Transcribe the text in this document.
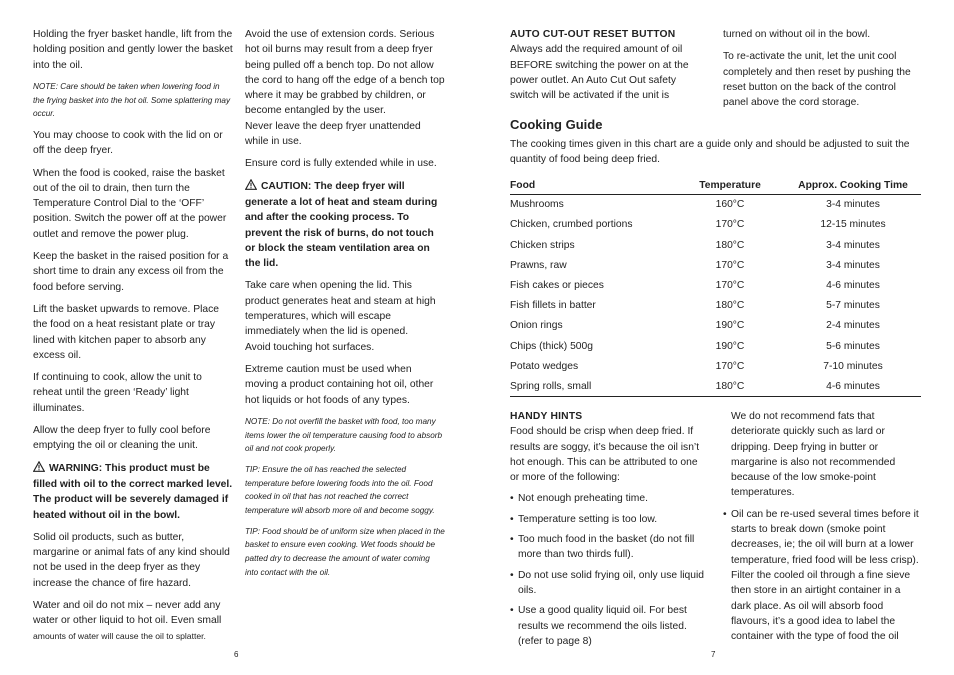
Holding the fryer basket handle, lift from the holding position and gently lower the basket into the oil.

NOTE: Care should be taken when lowering food in the frying basket into the hot oil. Some splattering may occur.

You may choose to cook with the lid on or off the deep fryer.

When the food is cooked, raise the basket out of the oil to drain, then turn the Temperature Control Dial to the ‘OFF’ position. Switch the power off at the power outlet and remove the power plug.

Keep the basket in the raised position for a short time to drain any excess oil from the food before serving.

Lift the basket upwards to remove. Place the food on a heat resistant plate or tray lined with kitchen paper to absorb any excess oil.

If continuing to cook, allow the unit to reheat until the green ‘Ready’ light illuminates.

Allow the deep fryer to fully cool before emptying the oil or cleaning the unit.

WARNING: This product must be filled with oil to the correct marked level. The product will be severely damaged if heated without oil in the bowl.

Solid oil products, such as butter, margarine or animal fats of any kind should not be used in the deep fryer as they increase the chance of fire hazard.

Water and oil do not mix – never add any water or other liquid to hot oil. Even small amounts of water will cause the oil to splatter.

Avoid the use of extension cords. Serious hot oil burns may result from a deep fryer being pulled off a bench top. Do not allow the cord to hang off the edge of a bench top where it may be grabbed by children, or become entangled by the user.

Never leave the deep fryer unattended while in use.

Ensure cord is fully extended while in use.

CAUTION: The deep fryer will generate a lot of heat and steam during and after the cooking process. To prevent the risk of burns, do not touch or block the steam ventilation area on the lid.

Take care when opening the lid. This product generates heat and steam at high temperatures, which will escape immediately when the lid is opened.

Avoid touching hot surfaces.

Extreme caution must be used when moving a product containing hot oil, other hot liquids or hot foods of any types.

NOTE: Do not overfill the basket with food, too many items lower the oil temperature causing food to absorb oil and not cook properly.

TIP: Ensure the oil has reached the selected temperature before lowering foods into the oil. Food cooked in oil that has not reached the correct temperature will absorb more oil and become soggy.

TIP: Food should be of uniform size when placed in the basket to ensure even cooking. Wet foods should be patted dry to decrease the amount of water coming into contact with the oil.

6

AUTO CUT-OUT RESET BUTTON

Always add the required amount of oil BEFORE switching the power on at the power outlet. An Auto Cut Out safety switch will be activated if the unit is

turned on without oil in the bowl.

To re-activate the unit, let the unit cool completely and then reset by pushing the reset button on the back of the control panel above the cord storage.

Cooking Guide

The cooking times given in this chart are a guide only and should be adjusted to suit the quantity of food being deep fried.

Food	Temperature	Approx. Cooking Time
Mushrooms	160°C	3-4 minutes
Chicken, crumbed portions	170°C	12-15 minutes
Chicken strips	180°C	3-4 minutes
Prawns, raw	170°C	3-4 minutes
Fish cakes or pieces	170°C	4-6 minutes
Fish fillets in batter	180°C	5-7 minutes
Onion rings	190°C	2-4 minutes
Chips (thick) 500g	190°C	5-6 minutes
Potato wedges	170°C	7-10 minutes
Spring rolls, small	180°C	4-6 minutes

HANDY HINTS

Food should be crisp when deep fried. If results are soggy, it’s because the oil isn’t hot enough. This can be attributed to one or more of the following:

• Not enough preheating time.
• Temperature setting is too low.
• Too much food in the basket (do not fill more than two thirds full).
• Do not use solid frying oil, only use liquid oils.
• Use a good quality liquid oil. For best results we recommend the oils listed. (refer to page 8)

We do not recommend fats that deteriorate quickly such as lard or dripping. Deep frying in butter or margarine is also not recommended because of the low smoke-point temperatures.

• Oil can be re-used several times before it starts to break down (smoke point decreases, ie; the oil will burn at a lower temperature, fried food will be less crisp). Filter the cooled oil through a fine sieve then store in an airtight container in a dark place. As oil will absorb food flavours, it’s a good idea to label the container with the type of food the oil
7
